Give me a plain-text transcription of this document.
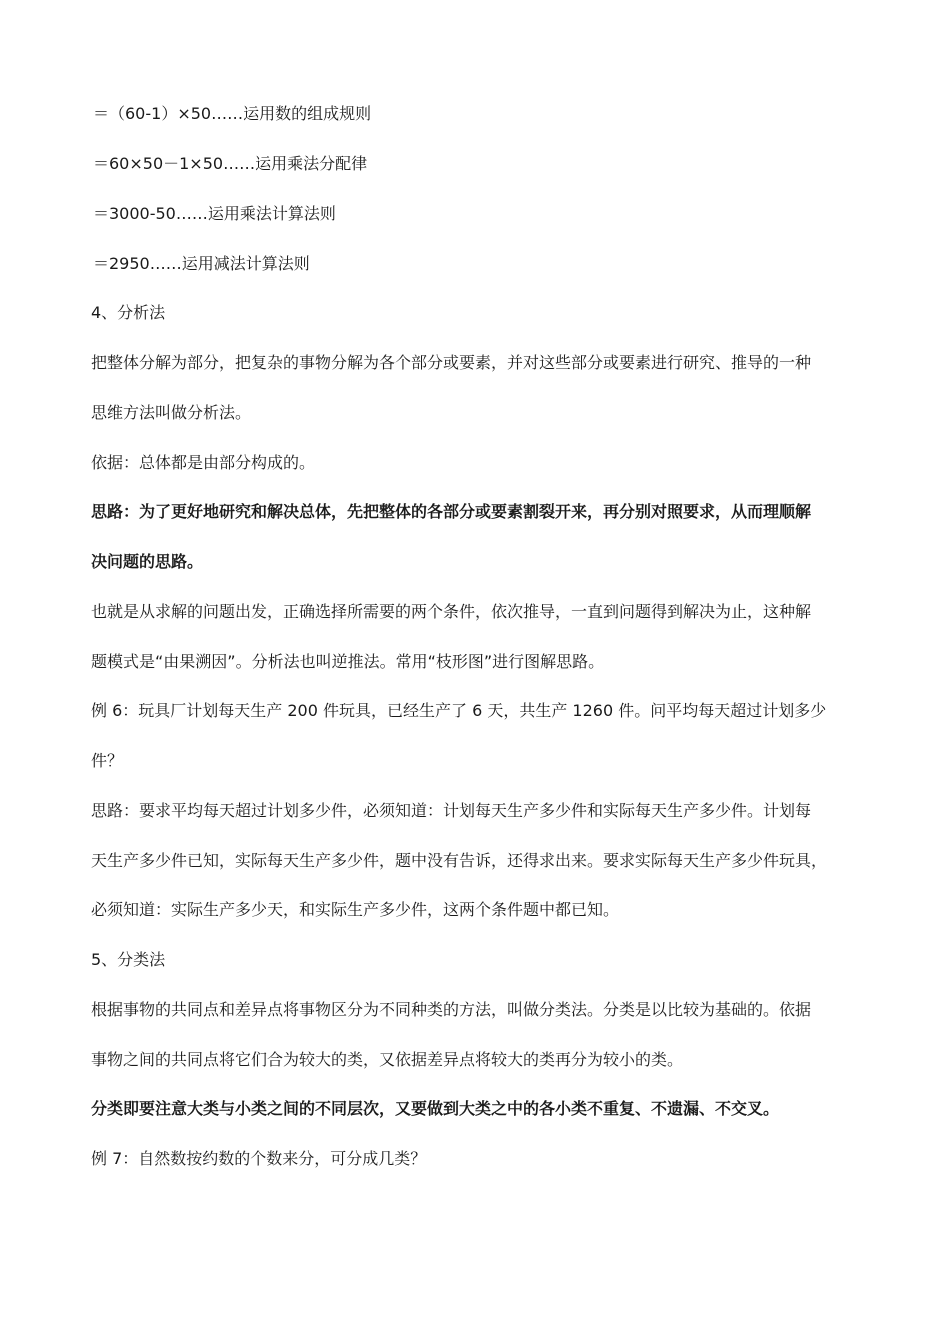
＝（60-1）×50……运用数的组成规则
＝60×50－1×50……运用乘法分配律
＝3000-50……运用乘法计算法则
＝2950……运用减法计算法则
4、分析法
把整体分解为部分，把复杂的事物分解为各个部分或要素，并对这些部分或要素进行研究、推导的一种
思维方法叫做分析法。
依据：总体都是由部分构成的。
思路：为了更好地研究和解决总体，先把整体的各部分或要素割裂开来，再分别对照要求，从而理顺解
决问题的思路。
也就是从求解的问题出发，正确选择所需要的两个条件，依次推导，一直到问题得到解决为止，这种解
题模式是“由果溯因”。分析法也叫逆推法。常用“枝形图”进行图解思路。
例 6：玩具厂计划每天生产 200 件玩具，已经生产了 6 天，共生产 1260 件。问平均每天超过计划多少
件？
思路：要求平均每天超过计划多少件，必须知道：计划每天生产多少件和实际每天生产多少件。计划每
天生产多少件已知，实际每天生产多少件，题中没有告诉，还得求出来。要求实际每天生产多少件玩具，
必须知道：实际生产多少天，和实际生产多少件，这两个条件题中都已知。
5、分类法
根据事物的共同点和差异点将事物区分为不同种类的方法，叫做分类法。分类是以比较为基础的。依据
事物之间的共同点将它们合为较大的类，又依据差异点将较大的类再分为较小的类。
分类即要注意大类与小类之间的不同层次，又要做到大类之中的各小类不重复、不遗漏、不交叉。
例 7：自然数按约数的个数来分，可分成几类？
